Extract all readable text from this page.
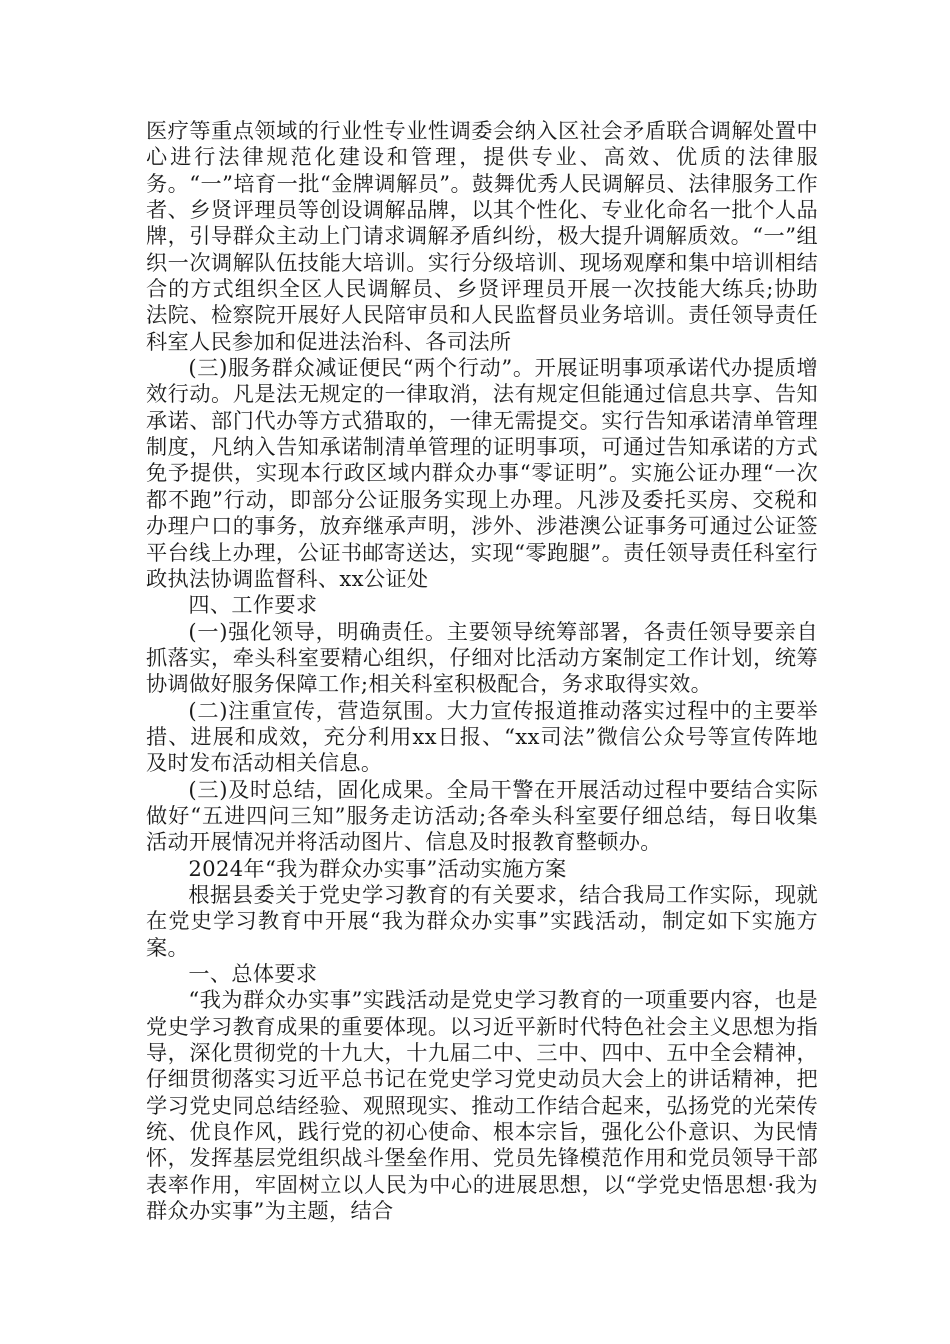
医疗等重点领域的行业性专业性调委会纳入区社会矛盾联合调解处置中心进行法律规范化建设和管理，提供专业、高效、优质的法律服务。“一”培育一批“金牌调解员”。鼓舞优秀人民调解员、法律服务工作者、乡贤评理员等创设调解品牌，以其个性化、专业化命名一批个人品牌，引导群众主动上门请求调解矛盾纠纷，极大提升调解质效。“一”组织一次调解队伍技能大培训。实行分级培训、现场观摩和集中培训相结合的方式组织全区人民调解员、乡贤评理员开展一次技能大练兵;协助法院、检察院开展好人民陪审员和人民监督员业务培训。责任领导责任科室人民参加和促进法治科、各司法所

(三)服务群众减证便民“两个行动”。开展证明事项承诺代办提质增效行动。凡是法无规定的一律取消，法有规定但能通过信息共享、告知承诺、部门代办等方式猎取的，一律无需提交。实行告知承诺清单管理制度，凡纳入告知承诺制清单管理的证明事项，可通过告知承诺的方式免予提供，实现本行政区域内群众办事“零证明”。实施公证办理“一次都不跑”行动，即部分公证服务实现上办理。凡涉及委托买房、交税和办理户口的事务，放弃继承声明，涉外、涉港澳公证事务可通过公证签平台线上办理，公证书邮寄送达，实现“零跑腿”。责任领导责任科室行政执法协调监督科、xx公证处

四、工作要求

(一)强化领导，明确责任。主要领导统筹部署，各责任领导要亲自抓落实，牵头科室要精心组织，仔细对比活动方案制定工作计划，统筹协调做好服务保障工作;相关科室积极配合，务求取得实效。

(二)注重宣传，营造氛围。大力宣传报道推动落实过程中的主要举措、进展和成效，充分利用xx日报、“xx司法”微信公众号等宣传阵地及时发布活动相关信息。

(三)及时总结，固化成果。全局干警在开展活动过程中要结合实际做好“五进四问三知”服务走访活动;各牵头科室要仔细总结，每日收集活动开展情况并将活动图片、信息及时报教育整顿办。

2024年“我为群众办实事”活动实施方案

根据县委关于党史学习教育的有关要求，结合我局工作实际，现就在党史学习教育中开展“我为群众办实事”实践活动，制定如下实施方案。

一、总体要求

“我为群众办实事”实践活动是党史学习教育的一项重要内容，也是党史学习教育成果的重要体现。以习近平新时代特色社会主义思想为指导，深化贯彻党的十九大，十九届二中、三中、四中、五中全会精神，仔细贯彻落实习近平总书记在党史学习党史动员大会上的讲话精神，把学习党史同总结经验、观照现实、推动工作结合起来，弘扬党的光荣传统、优良作风，践行党的初心使命、根本宗旨，强化公仆意识、为民情怀，发挥基层党组织战斗堡垒作用、党员先锋模范作用和党员领导干部表率作用，牢固树立以人民为中心的进展思想，以“学党史悟思想·我为群众办实事”为主题，结合
